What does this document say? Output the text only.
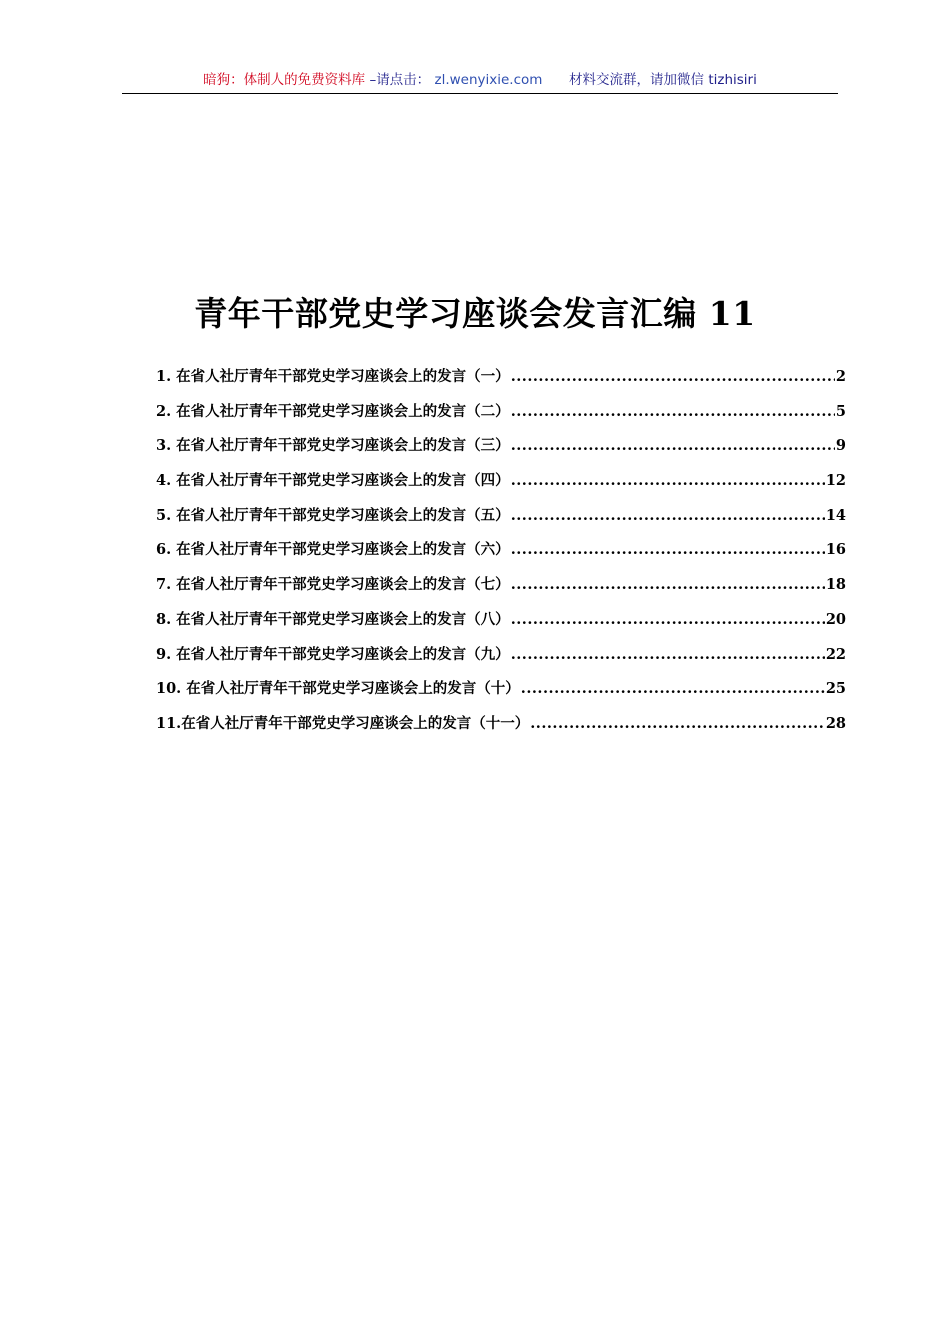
暗狗：体制人的免费资料库 –请点击： zl.wenyixie.com 材料交流群，请加微信 tizhisiri
青年干部党史学习座谈会发言汇编 11
1. 在省人社厅青年干部党史学习座谈会上的发言（一） .....	2
2. 在省人社厅青年干部党史学习座谈会上的发言（二） .....	5
3. 在省人社厅青年干部党史学习座谈会上的发言（三） .....	9
4. 在省人社厅青年干部党史学习座谈会上的发言（四） .....	12
5. 在省人社厅青年干部党史学习座谈会上的发言（五） .....	14
6. 在省人社厅青年干部党史学习座谈会上的发言（六） .....	16
7. 在省人社厅青年干部党史学习座谈会上的发言（七） .....	18
8. 在省人社厅青年干部党史学习座谈会上的发言（八） .....	20
9. 在省人社厅青年干部党史学习座谈会上的发言（九） .....	22
10. 在省人社厅青年干部党史学习座谈会上的发言（十） .....	25
11.在省人社厅青年干部党史学习座谈会上的发言（十一） .....	28
